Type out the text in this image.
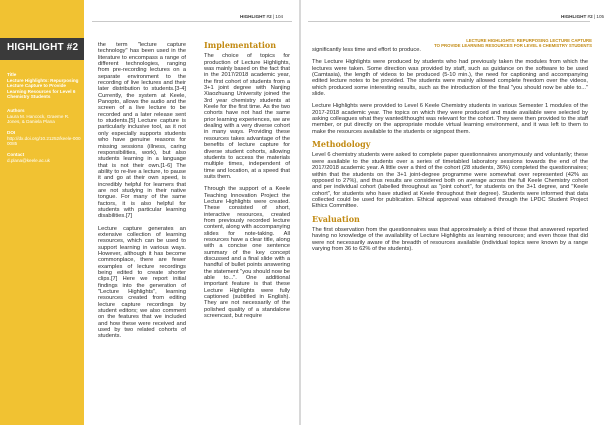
HIGHLIGHT #2
Title
Lecture Highlights: Repurposing Lecture Capture to Provide Learning Resources for Level 6 Chemistry Students
Authors
Laura M. Hancock, Graeme R. Jones, & Daniela Plana
DOI
http://dx.doi.org/10.21252/keele-0000085
Contact
d.plana@keele.ac.uk
HIGHLIGHT #2 | 104

the term "lecture capture technology" has been used in the literature to encompass a range of different technologies, ranging from pre-recording lectures on a separate environment to the recording of live lectures and their later distribution to students.[3-4] Currently, the system at Keele, Panopto, allows the audio and the screen of a live lecture to be recorded and a later release sent to students.[5] Lecture capture is particularly inclusive tool, as it not only especially supports students who have genuine reasons for missing sessions (illness, caring responsibilities, work), but also students learning in a language that is not their own.[1-6] The ability to re-live a lecture, to pause it and go at their own speed, is incredibly helpful for learners that are not studying in their native tongue. For many of the same factors, it is also helpful for students with particular learning disabilities.[7]

Lecture capture generates an extensive collection of learning resources, which can be used to support learning in various ways. However, although it has become commonplace, there are fewer examples of lecture recordings being edited to create shorter clips.[7] Here we report initial findings into the generation of "Lecture Highlights", learning resources created from editing lecture capture recordings by student editors; we also comment on the features that we included and how these were received and used by two related cohorts of students.

Implementation

The choice of topics for production of Lecture Highlights, was mainly based on the fact that in the 2017/2018 academic year, the first cohort of students from a 3+1 joint degree with Nanjing Xiaozhuang University joined the 3rd year chemistry students at Keele for the first time. As the two cohorts have not had the same prior learning experiences, we are dealing with a very diverse cohort in many ways. Providing these resources takes advantage of the benefits of lecture capture for diverse student cohorts, allowing students to access the materials multiple times, independent of time and location, at a speed that suits them.

Through the support of a Keele Teaching Innovation Project the Lecture Highlights were created. These consisted of short, interactive resources, created from previously recorded lecture content, along with accompanying slides for note-taking. All resources have a clear title, along with a concise one sentence summary of the key concept discussed and a final slide with a handful of bullet points answering the statement "you should now be able to...". One additional important feature is that these Lecture Highlights were fully captioned (subtitled in English). They are not necessarily of the polished quality of a standalone screencast, but require

HIGHLIGHT #2 | 105
LECTURE HIGHLIGHTS: REPURPOSING LECTURE CAPTURE
TO PROVIDE LEARNING RESOURCES FOR LEVEL 6 CHEMISTRY STUDENTS

significantly less time and effort to produce.

The Lecture Highlights were produced by students who had previously taken the modules from which the lectures were taken. Some direction was provided by staff, such as guidance on the software to be used (Camtasia), the length of videos to be produced (5-10 min.), the need for captioning and accompanying edited lecture notes to be provided. The students were mainly allowed complete freedom over the videos, which produced some interesting results, such as the introduction of the final "you should now be able to..." slide.

Lecture Highlights were provided to Level 6 Keele Chemistry students in various Semester 1 modules of the 2017-2018 academic year. The topics on which they were produced and made available were selected by asking colleagues what they wanted/thought was relevant for the cohort. They were then provided to the staff member, or put directly on the appropriate module virtual learning environment, and it was left to them to make the resources available to the students or signpost them.

Methodology

Level 6 chemistry students were asked to complete paper questionnaires anonymously and voluntarily; these were available to the students over a series of timetabled laboratory sessions towards the end of the 2017/2018 academic year. A little over a third of the cohort (28 students, 36%) completed the questionnaires; within that the students on the 3+1 joint-degree programme were somewhat over represented (42% as opposed to 27%), and thus results are considered both on average across the full Keele Chemistry cohort and per individual cohort (labelled throughout as "joint cohort", for students on the 3+1 degree, and "Keele cohort", for students who have studied at Keele throughout their degree). Students were informed that data collected could be used for publication. Ethical approval was obtained through the LPDC Student Project Ethics Committee.

Evaluation

The first observation from the questionnaires was that approximately a third of those that answered reported having no knowledge of the availability of Lecture Highlights as learning resources; and even those that did were not necessarily aware of the breadth of resources available (individual topics were known by a range varying from 36 to 62% of the students).
